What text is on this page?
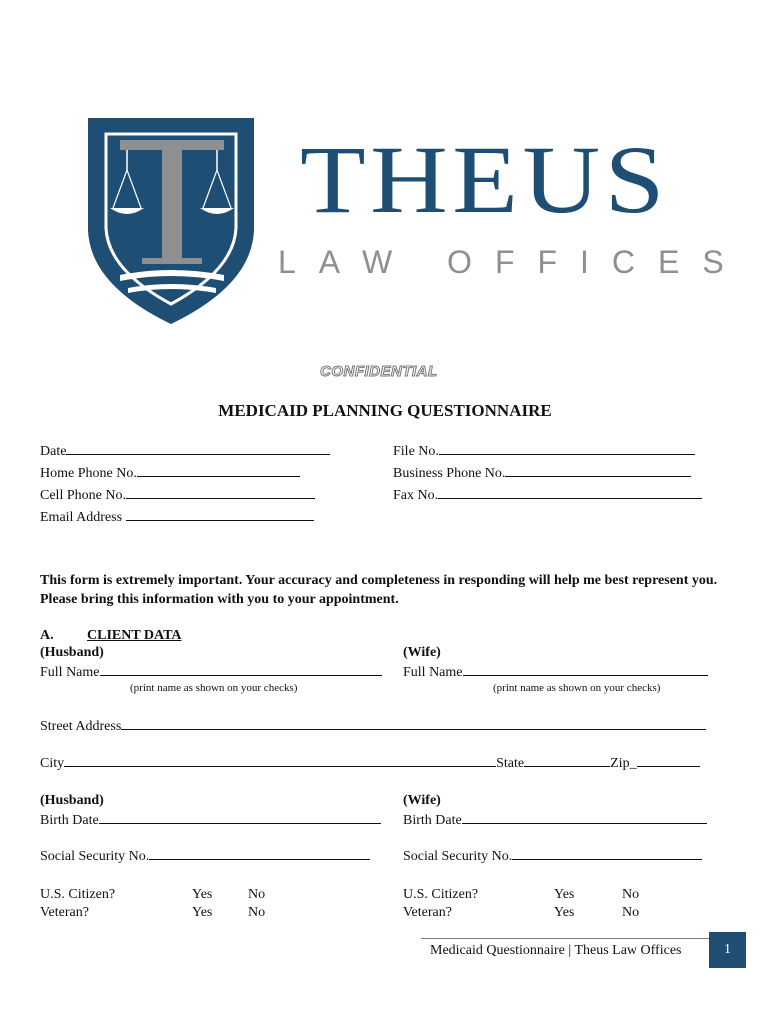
THEUS
LAW OFFICES
CONFIDENTIAL
MEDICAID PLANNING QUESTIONNAIRE
Date	File No.
Home Phone No.	Business Phone No.
Cell Phone No.	Fax No.
Email Address
This form is extremely important. Your accuracy and completeness in responding will help me best represent you. Please bring this information with you to your appointment.
A. CLIENT DATA
(Husband)	(Wife)
Full Name	Full Name
(print name as shown on your checks)	(print name as shown on your checks)
Street Address
City	State	Zip_
(Husband)	(Wife)
Birth Date	Birth Date
Social Security No.	Social Security No.
U.S. Citizen?	Yes	No
Veteran?	Yes	No
U.S. Citizen?	Yes	No
Veteran?	Yes	No
Medicaid Questionnaire | Theus Law Offices	1
